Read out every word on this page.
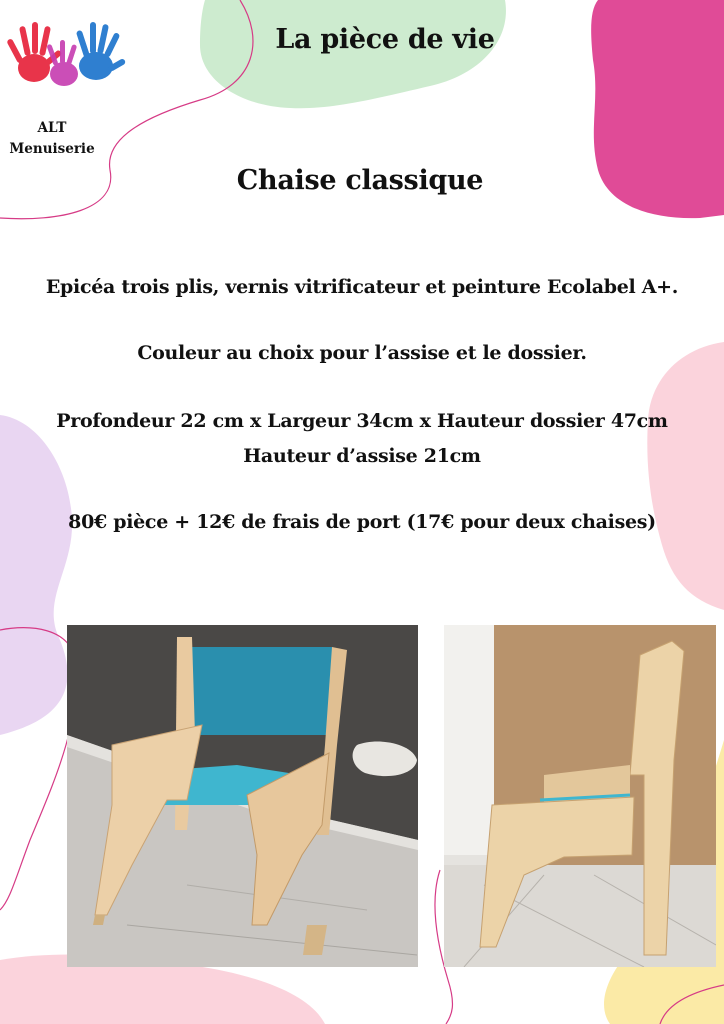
ALT
Menuiserie
La pièce de vie
Chaise classique
Epicéa trois plis, vernis vitrificateur et peinture Ecolabel A+.
Couleur au choix pour l’assise et le dossier.
Profondeur 22 cm x Largeur 34cm x Hauteur dossier 47cm
Hauteur d’assise 21cm
80€ pièce + 12€ de frais de port (17€ pour deux chaises)
